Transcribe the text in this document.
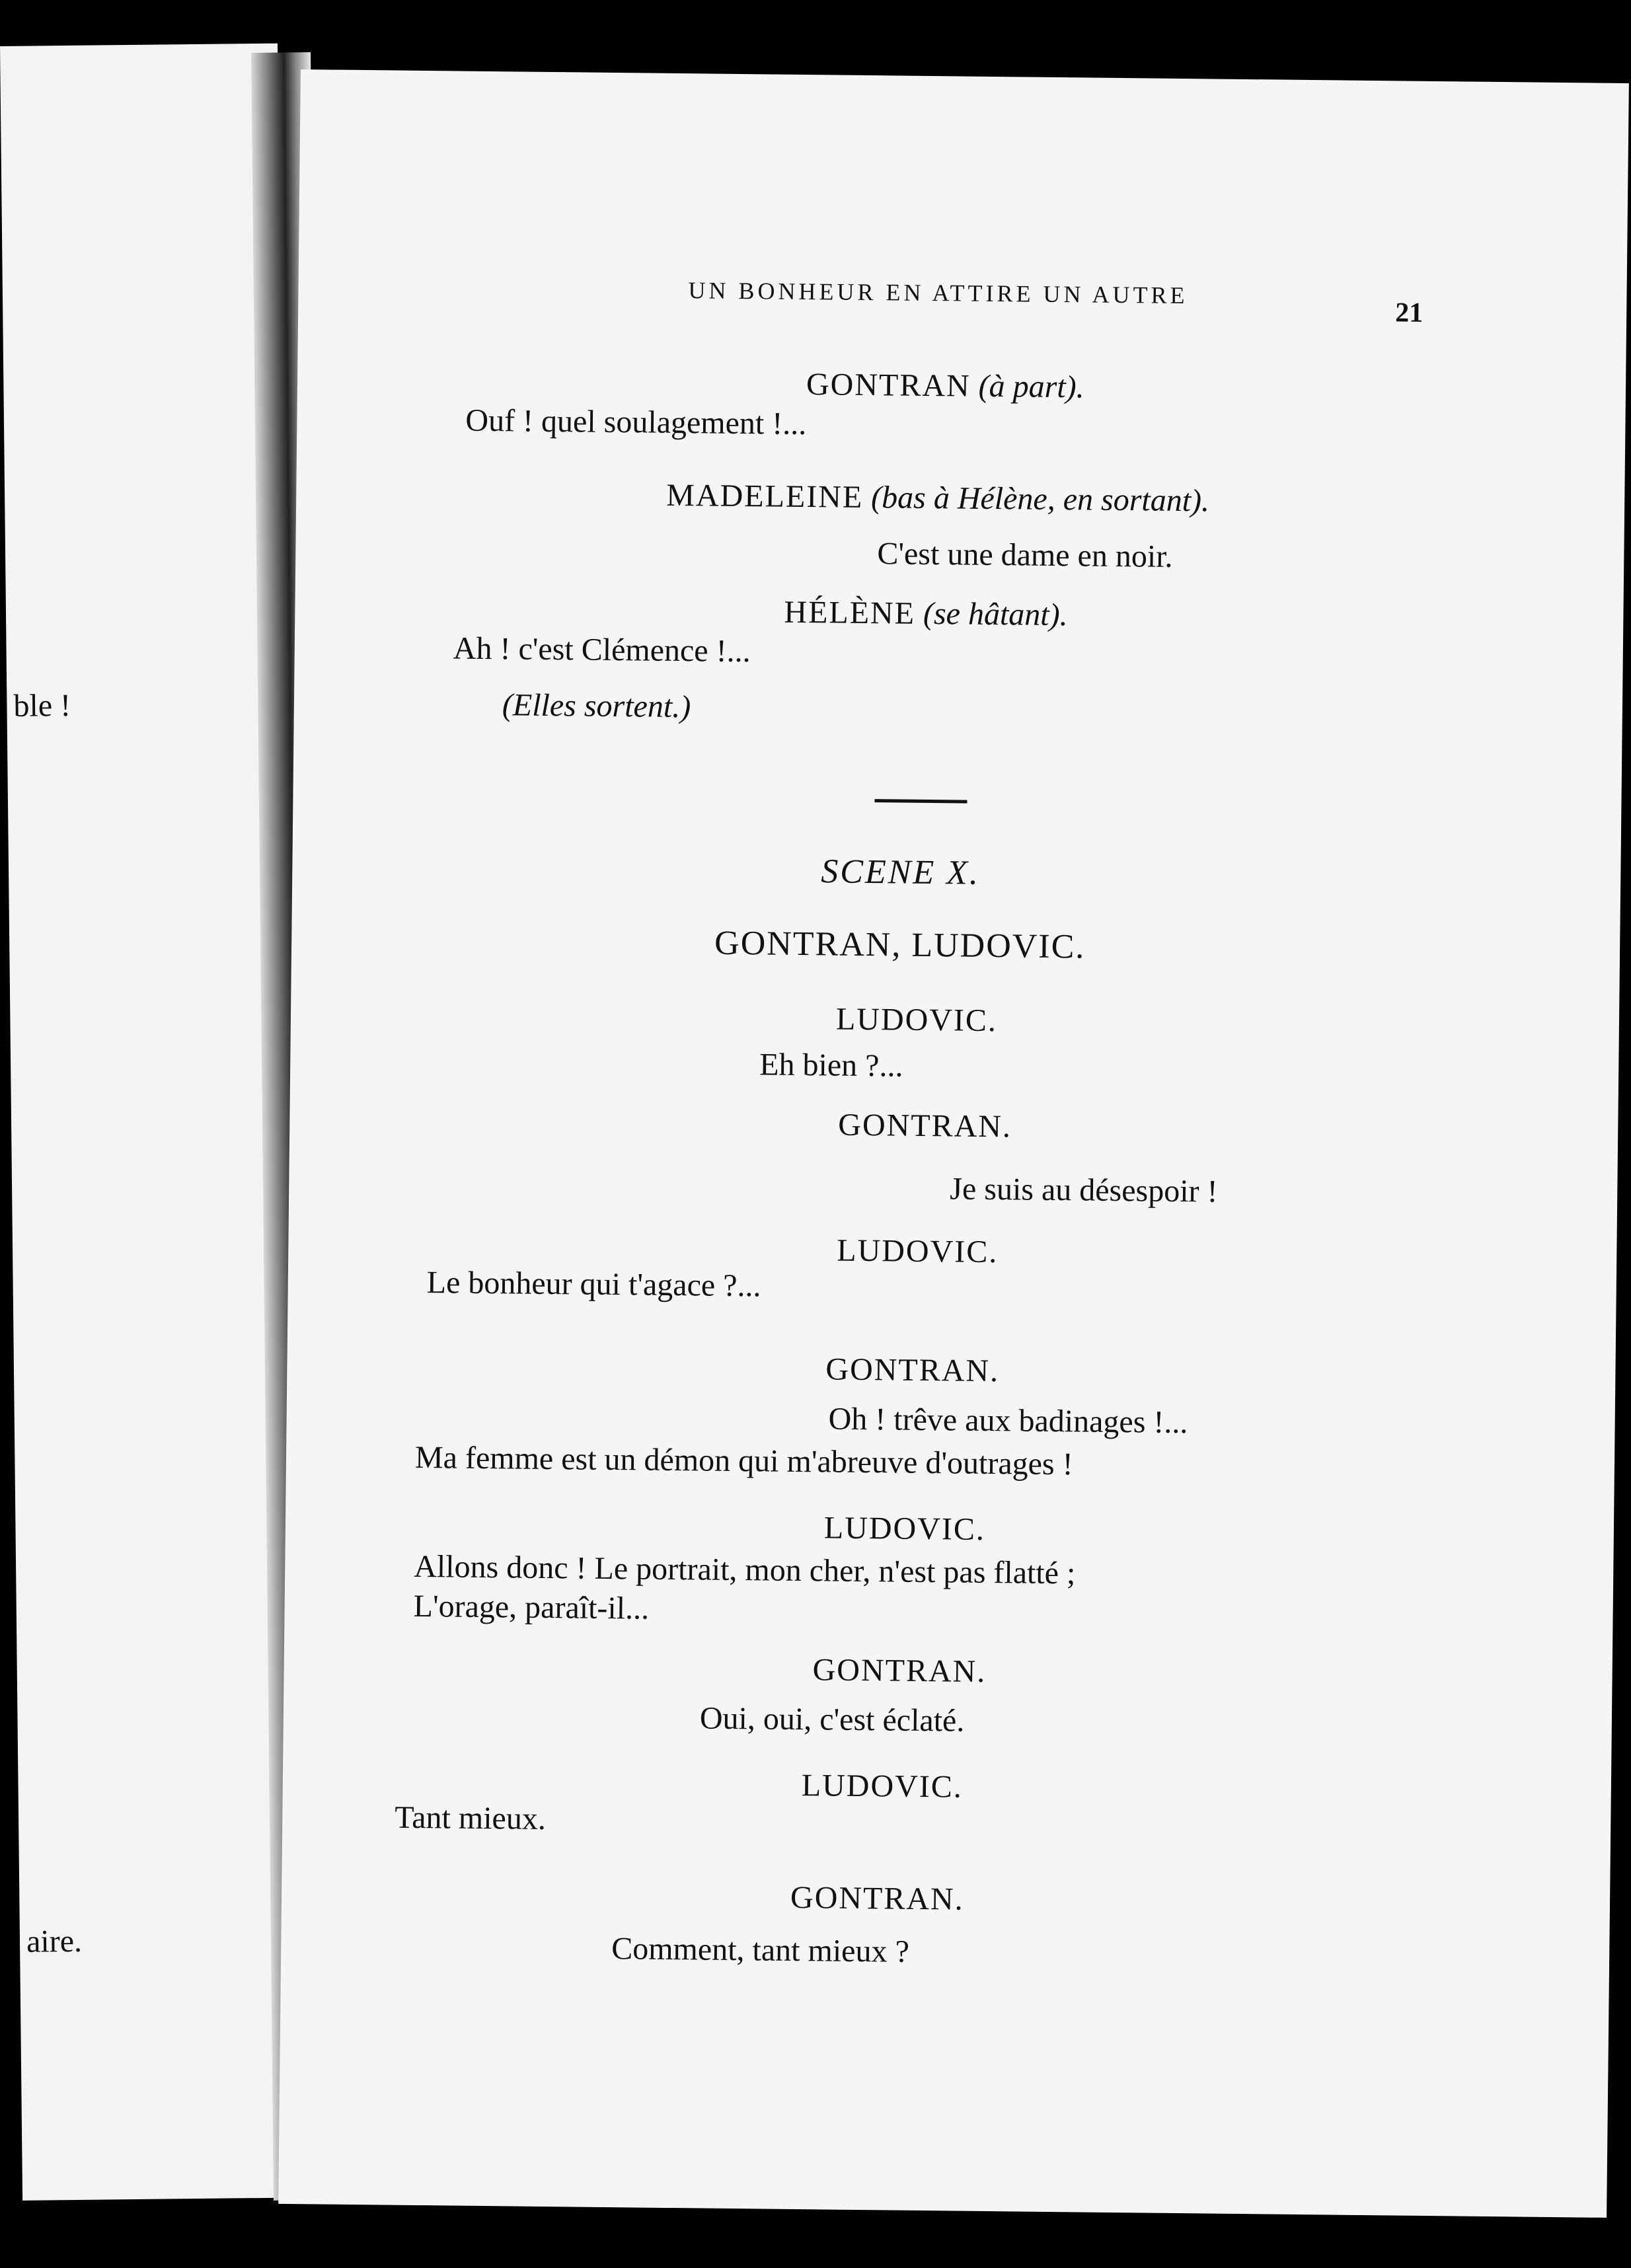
ble !
aire.
UN BONHEUR EN ATTIRE UN AUTRE
21
GONTRAN (à part).
Ouf ! quel soulagement !...
MADELEINE (bas à Hélène, en sortant).
C'est une dame en noir.
HÉLÈNE (se hâtant).
Ah ! c'est Clémence !...
(Elles sortent.)
SCENE X.
GONTRAN, LUDOVIC.
LUDOVIC.
Eh bien ?...
GONTRAN.
Je suis au désespoir !
LUDOVIC.
Le bonheur qui t'agace ?...
GONTRAN.
Oh ! trêve aux badinages !...
Ma femme est un démon qui m'abreuve d'outrages !
LUDOVIC.
Allons donc ! Le portrait, mon cher, n'est pas flatté ;
L'orage, paraît-il...
GONTRAN.
Oui, oui, c'est éclaté.
LUDOVIC.
Tant mieux.
GONTRAN.
Comment, tant mieux ?
